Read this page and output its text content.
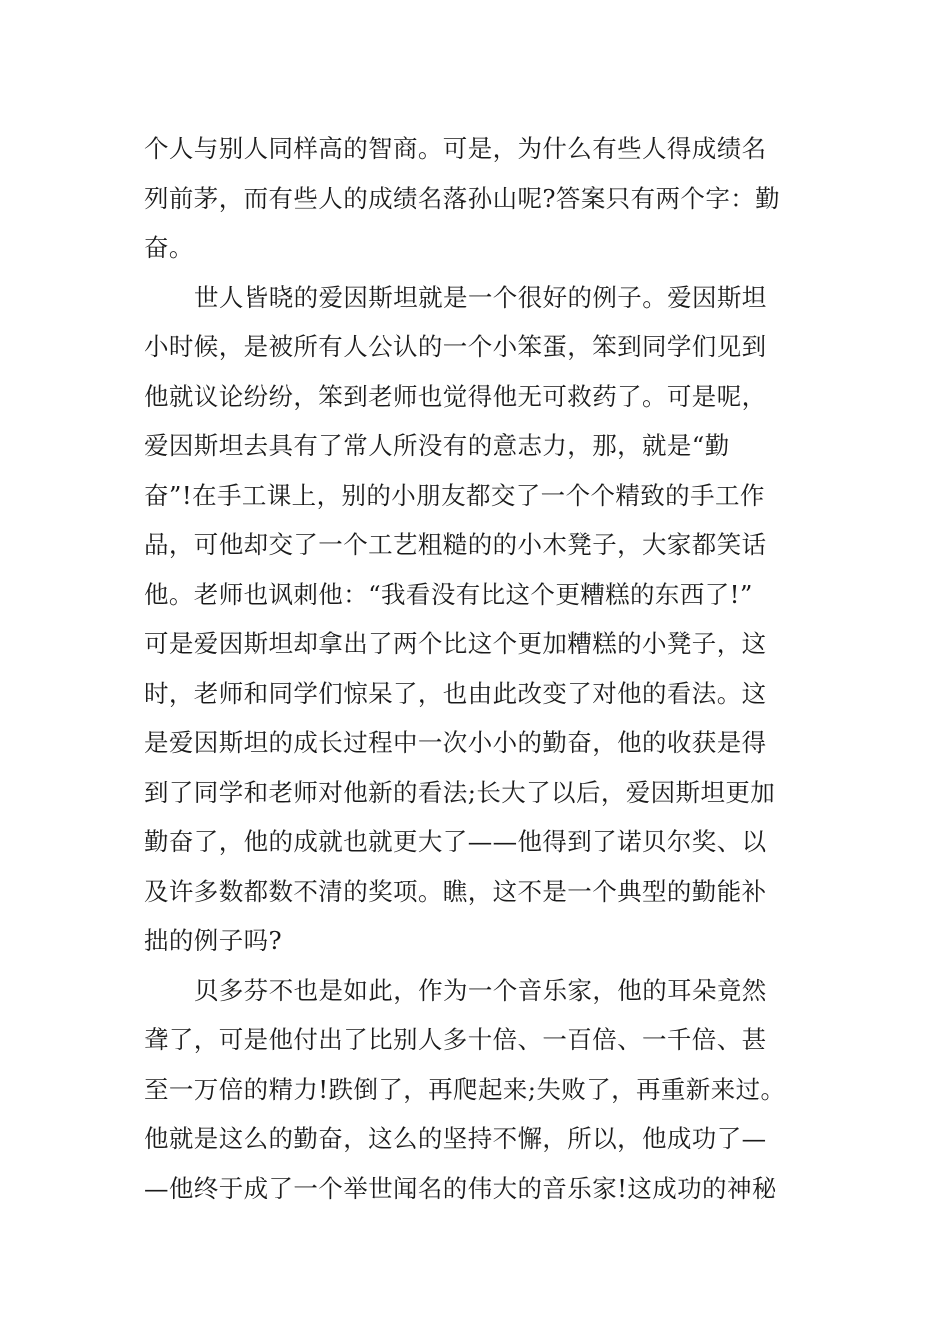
个人与别人同样高的智商。可是，为什么有些人得成绩名
列前茅，而有些人的成绩名落孙山呢?答案只有两个字：勤
奋。
世人皆晓的爱因斯坦就是一个很好的例子。爱因斯坦
小时候，是被所有人公认的一个小笨蛋，笨到同学们见到
他就议论纷纷，笨到老师也觉得他无可救药了。可是呢，
爱因斯坦去具有了常人所没有的意志力，那，就是“勤
奋”!在手工课上，别的小朋友都交了一个个精致的手工作
品，可他却交了一个工艺粗糙的的小木凳子，大家都笑话
他。老师也讽刺他：“我看没有比这个更糟糕的东西了!”
可是爱因斯坦却拿出了两个比这个更加糟糕的小凳子，这
时，老师和同学们惊呆了，也由此改变了对他的看法。这
是爱因斯坦的成长过程中一次小小的勤奋，他的收获是得
到了同学和老师对他新的看法;长大了以后，爱因斯坦更加
勤奋了，他的成就也就更大了——他得到了诺贝尔奖、以
及许多数都数不清的奖项。瞧，这不是一个典型的勤能补
拙的例子吗?
贝多芬不也是如此，作为一个音乐家，他的耳朵竟然
聋了，可是他付出了比别人多十倍、一百倍、一千倍、甚
至一万倍的精力!跌倒了，再爬起来;失败了，再重新来过。
他就是这么的勤奋，这么的坚持不懈，所以，他成功了—
—他终于成了一个举世闻名的伟大的音乐家!这成功的神秘
